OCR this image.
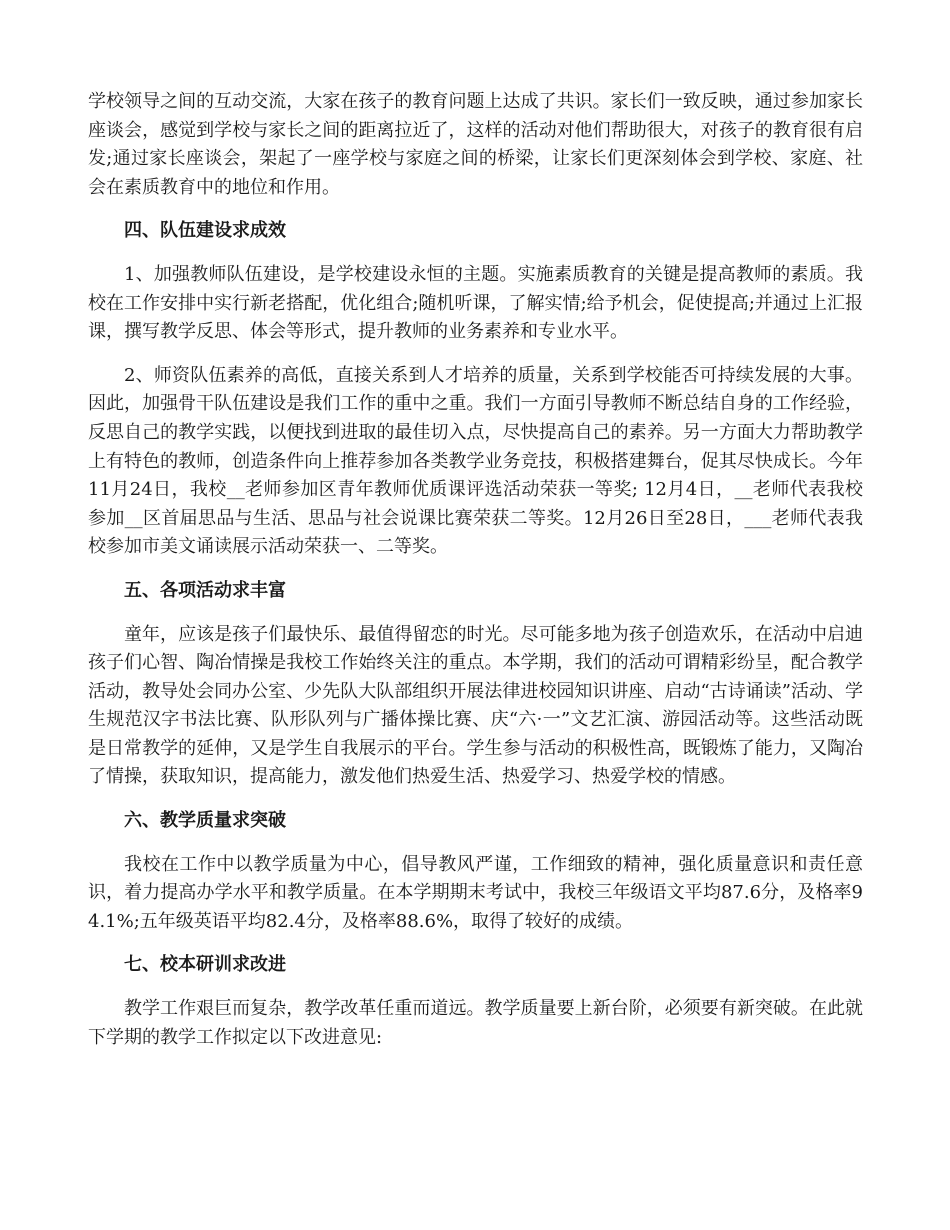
学校领导之间的互动交流，大家在孩子的教育问题上达成了共识。家长们一致反映，通过参加家长座谈会，感觉到学校与家长之间的距离拉近了，这样的活动对他们帮助很大，对孩子的教育很有启发;通过家长座谈会，架起了一座学校与家庭之间的桥梁，让家长们更深刻体会到学校、家庭、社会在素质教育中的地位和作用。

四、队伍建设求成效

1、加强教师队伍建设，是学校建设永恒的主题。实施素质教育的关键是提高教师的素质。我校在工作安排中实行新老搭配，优化组合;随机听课，了解实情;给予机会，促使提高;并通过上汇报课，撰写教学反思、体会等形式，提升教师的业务素养和专业水平。

2、师资队伍素养的高低，直接关系到人才培养的质量，关系到学校能否可持续发展的大事。因此，加强骨干队伍建设是我们工作的重中之重。我们一方面引导教师不断总结自身的工作经验，反思自己的教学实践，以便找到进取的最佳切入点，尽快提高自己的素养。另一方面大力帮助教学上有特色的教师，创造条件向上推荐参加各类教学业务竞技，积极搭建舞台，促其尽快成长。今年11月24日，我校__老师参加区青年教师优质课评选活动荣获一等奖; 12月4日，__老师代表我校参加__区首届思品与生活、思品与社会说课比赛荣获二等奖。12月26日至28日，___老师代表我校参加市美文诵读展示活动荣获一、二等奖。

五、各项活动求丰富

童年，应该是孩子们最快乐、最值得留恋的时光。尽可能多地为孩子创造欢乐，在活动中启迪孩子们心智、陶冶情操是我校工作始终关注的重点。本学期，我们的活动可谓精彩纷呈，配合教学活动，教导处会同办公室、少先队大队部组织开展法律进校园知识讲座、启动“古诗诵读”活动、学生规范汉字书法比赛、队形队列与广播体操比赛、庆“六·一”文艺汇演、游园活动等。这些活动既是日常教学的延伸，又是学生自我展示的平台。学生参与活动的积极性高，既锻炼了能力，又陶冶了情操，获取知识，提高能力，激发他们热爱生活、热爱学习、热爱学校的情感。

六、教学质量求突破

我校在工作中以教学质量为中心，倡导教风严谨，工作细致的精神，强化质量意识和责任意识，着力提高办学水平和教学质量。在本学期期末考试中，我校三年级语文平均87.6分，及格率94.1%;五年级英语平均82.4分，及格率88.6%，取得了较好的成绩。

七、校本研训求改进

教学工作艰巨而复杂，教学改革任重而道远。教学质量要上新台阶，必须要有新突破。在此就下学期的教学工作拟定以下改进意见:
